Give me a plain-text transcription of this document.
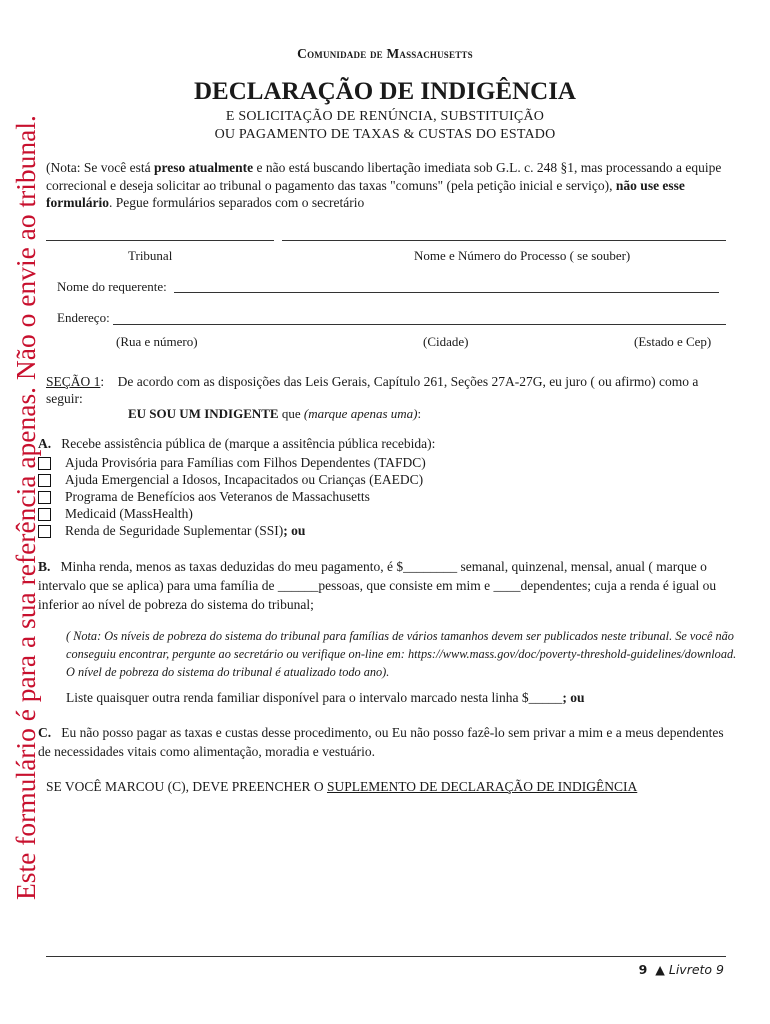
Este formulário é para a sua referência apenas. Não o envie ao tribunal.
Comunidade de Massachusetts
DECLARAÇÃO DE INDIGÊNCIA
E SOLICITAÇÃO DE RENÚNCIA, SUBSTITUIÇÃO
OU PAGAMENTO DE TAXAS & CUSTAS DO ESTADO
(Nota: Se você está preso atualmente e não está buscando libertação imediata sob G.L. c. 248 §1, mas processando a equipe correcional e deseja solicitar ao tribunal o pagamento das taxas "comuns" (pela petição inicial e serviço), não use esse formulário. Pegue formulários separados com o secretário
Tribunal	Nome e Número do Processo ( se souber)
Nome do requerente:
Endereço:
(Rua e número)	(Cidade)	(Estado e Cep)
SEÇÃO 1: De acordo com as disposições das Leis Gerais, Capítulo 261, Seções 27A-27G, eu juro ( ou afirmo) como a seguir:
EU SOU UM INDIGENTE que (marque apenas uma):
A. Recebe assistência pública de (marque a assitência pública recebida):
Ajuda Provisória para Famílias com Filhos Dependentes (TAFDC)
Ajuda Emergencial a Idosos, Incapacitados ou Crianças (EAEDC)
Programa de Benefícios aos Veteranos de Massachusetts
Medicaid (MassHealth)
Renda de Seguridade Suplementar (SSI) ; ou
B. Minha renda, menos as taxas deduzidas do meu pagamento, é $________ semanal, quinzenal, mensal, anual ( marque o intervalo que se aplica) para uma família de ______pessoas, que consiste em mim e ____dependentes; cuja a renda é igual ou inferior ao nível de pobreza do sistema do tribunal;
( Nota: Os níveis de pobreza do sistema do tribunal para famílias de vários tamanhos devem ser publicados neste tribunal. Se você não conseguiu encontrar, pergunte ao secretário ou verifique on-line em: https://www.mass.gov/doc/poverty-threshold-guidelines/download. O nível de pobreza do sistema do tribunal é atualizado todo ano).
Liste quaisquer outra renda familiar disponível para o intervalo marcado nesta linha $_____; ou
C. Eu não posso pagar as taxas e custas desse procedimento, ou Eu não posso fazê-lo sem privar a mim e a meus dependentes de necessidades vitais como alimentação, moradia e vestuário.
SE VOCÊ MARCOU (C), DEVE PREENCHER O SUPLEMENTO DE DECLARAÇÃO DE INDIGÊNCIA
9 ▲ Livreto 9
